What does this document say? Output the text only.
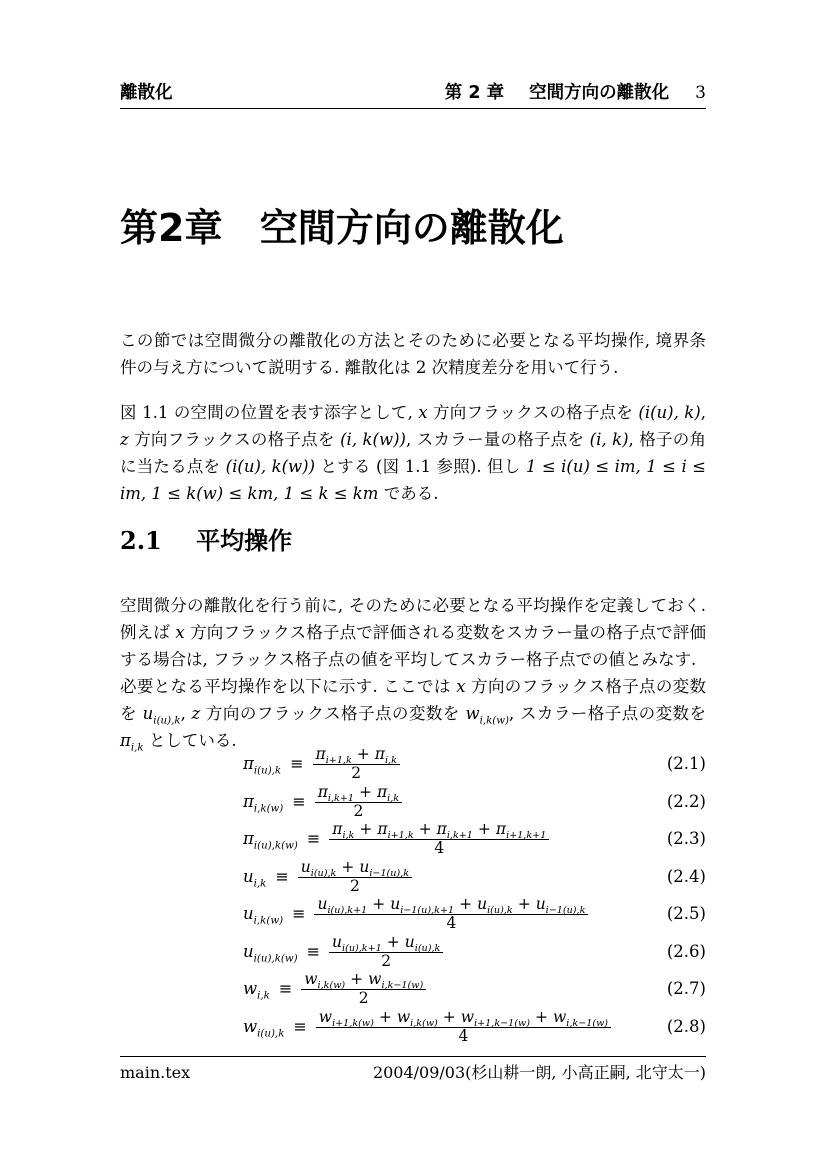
離散化	第 2 章 空間方向の離散化 3
第2章 空間方向の離散化

この節では空間微分の離散化の方法とそのために必要となる平均操作, 境界条件の与え方について説明する. 離散化は 2 次精度差分を用いて行う.

図 1.1 の空間の位置を表す添字として, x 方向フラックスの格子点を (i(u), k), z 方向フラックスの格子点を (i, k(w)), スカラー量の格子点を (i, k), 格子の角に当たる点を (i(u), k(w)) とする (図 1.1 参照). 但し 1 ≤ i(u) ≤ im, 1 ≤ i ≤ im, 1 ≤ k(w) ≤ km, 1 ≤ k ≤ km である.

2.1 平均操作

空間微分の離散化を行う前に, そのために必要となる平均操作を定義しておく. 例えば x 方向フラックス格子点で評価される変数をスカラー量の格子点で評価する場合は, フラックス格子点の値を平均してスカラー格子点での値とみなす.

必要となる平均操作を以下に示す. ここでは x 方向のフラックス格子点の変数を $u_{i(u),k}$, z 方向のフラックス格子点の変数を $w_{i,k(w)}$, スカラー格子点の変数を $\pi_{i,k}$ としている.

$\pi_{i(u),k} \equiv \frac{\pi_{i+1,k} + \pi_{i,k}}{2}$	(2.1)
$\pi_{i,k(w)} \equiv \frac{\pi_{i,k+1} + \pi_{i,k}}{2}$	(2.2)
$\pi_{i(u),k(w)} \equiv \frac{\pi_{i,k} + \pi_{i+1,k} + \pi_{i,k+1} + \pi_{i+1,k+1}}{4}$	(2.3)
$u_{i,k} \equiv \frac{u_{i(u),k} + u_{i-1(u),k}}{2}$	(2.4)
$u_{i,k(w)} \equiv \frac{u_{i(u),k+1} + u_{i-1(u),k+1} + u_{i(u),k} + u_{i-1(u),k}}{4}$	(2.5)
$u_{i(u),k(w)} \equiv \frac{u_{i(u),k+1} + u_{i(u),k}}{2}$	(2.6)
$w_{i,k} \equiv \frac{w_{i,k(w)} + w_{i,k-1(w)}}{2}$	(2.7)
$w_{i(u),k} \equiv \frac{w_{i+1,k(w)} + w_{i,k(w)} + w_{i+1,k-1(w)} + w_{i,k-1(w)}}{4}$	(2.8)
main.tex	2004/09/03(杉山耕一朗, 小高正嗣, 北守太一)
